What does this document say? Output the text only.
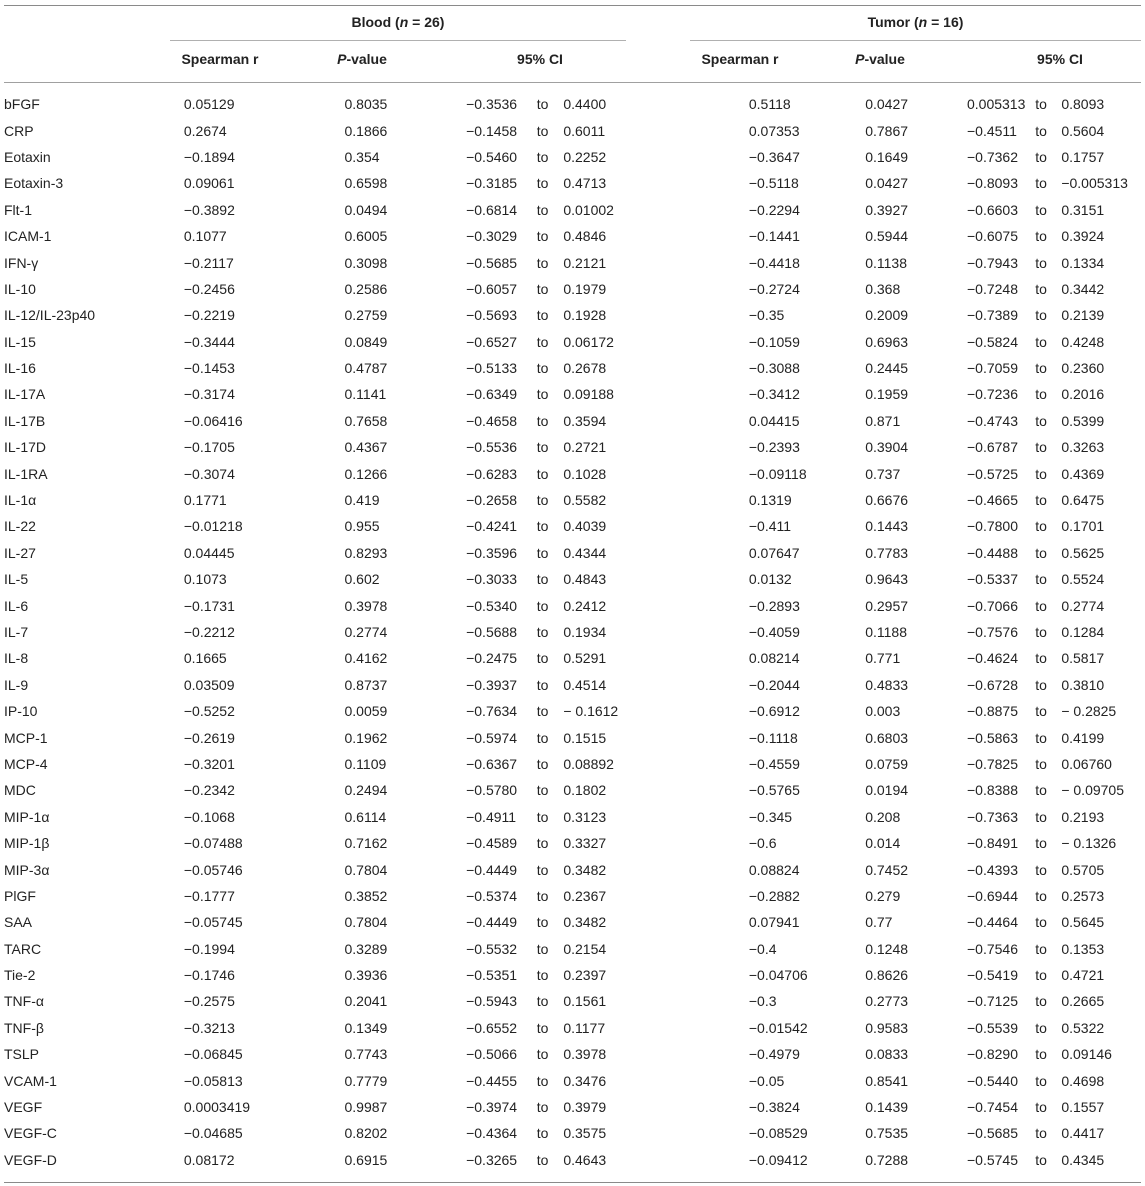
Blood (n = 26)	Tumor (n = 16)
Spearman r	P-value	95% CI	Spearman r	P-value	95% CI
bFGF	0.05129	0.8035	−0.3536	to	0.4400	0.5118	0.0427	0.005313	to	0.8093
CRP	0.2674	0.1866	−0.1458	to	0.6011	0.07353	0.7867	−0.4511	to	0.5604
Eotaxin	−0.1894	0.354	−0.5460	to	0.2252	−0.3647	0.1649	−0.7362	to	0.1757
Eotaxin-3	0.09061	0.6598	−0.3185	to	0.4713	−0.5118	0.0427	−0.8093	to	−0.005313
Flt-1	−0.3892	0.0494	−0.6814	to	0.01002	−0.2294	0.3927	−0.6603	to	0.3151
ICAM-1	0.1077	0.6005	−0.3029	to	0.4846	−0.1441	0.5944	−0.6075	to	0.3924
IFN-γ	−0.2117	0.3098	−0.5685	to	0.2121	−0.4418	0.1138	−0.7943	to	0.1334
IL-10	−0.2456	0.2586	−0.6057	to	0.1979	−0.2724	0.368	−0.7248	to	0.3442
IL-12/IL-23p40	−0.2219	0.2759	−0.5693	to	0.1928	−0.35	0.2009	−0.7389	to	0.2139
IL-15	−0.3444	0.0849	−0.6527	to	0.06172	−0.1059	0.6963	−0.5824	to	0.4248
IL-16	−0.1453	0.4787	−0.5133	to	0.2678	−0.3088	0.2445	−0.7059	to	0.2360
IL-17A	−0.3174	0.1141	−0.6349	to	0.09188	−0.3412	0.1959	−0.7236	to	0.2016
IL-17B	−0.06416	0.7658	−0.4658	to	0.3594	0.04415	0.871	−0.4743	to	0.5399
IL-17D	−0.1705	0.4367	−0.5536	to	0.2721	−0.2393	0.3904	−0.6787	to	0.3263
IL-1RA	−0.3074	0.1266	−0.6283	to	0.1028	−0.09118	0.737	−0.5725	to	0.4369
IL-1α	0.1771	0.419	−0.2658	to	0.5582	0.1319	0.6676	−0.4665	to	0.6475
IL-22	−0.01218	0.955	−0.4241	to	0.4039	−0.411	0.1443	−0.7800	to	0.1701
IL-27	0.04445	0.8293	−0.3596	to	0.4344	0.07647	0.7783	−0.4488	to	0.5625
IL-5	0.1073	0.602	−0.3033	to	0.4843	0.0132	0.9643	−0.5337	to	0.5524
IL-6	−0.1731	0.3978	−0.5340	to	0.2412	−0.2893	0.2957	−0.7066	to	0.2774
IL-7	−0.2212	0.2774	−0.5688	to	0.1934	−0.4059	0.1188	−0.7576	to	0.1284
IL-8	0.1665	0.4162	−0.2475	to	0.5291	0.08214	0.771	−0.4624	to	0.5817
IL-9	0.03509	0.8737	−0.3937	to	0.4514	−0.2044	0.4833	−0.6728	to	0.3810
IP-10	−0.5252	0.0059	−0.7634	to	− 0.1612	−0.6912	0.003	−0.8875	to	− 0.2825
MCP-1	−0.2619	0.1962	−0.5974	to	0.1515	−0.1118	0.6803	−0.5863	to	0.4199
MCP-4	−0.3201	0.1109	−0.6367	to	0.08892	−0.4559	0.0759	−0.7825	to	0.06760
MDC	−0.2342	0.2494	−0.5780	to	0.1802	−0.5765	0.0194	−0.8388	to	− 0.09705
MIP-1α	−0.1068	0.6114	−0.4911	to	0.3123	−0.345	0.208	−0.7363	to	0.2193
MIP-1β	−0.07488	0.7162	−0.4589	to	0.3327	−0.6	0.014	−0.8491	to	− 0.1326
MIP-3α	−0.05746	0.7804	−0.4449	to	0.3482	0.08824	0.7452	−0.4393	to	0.5705
PlGF	−0.1777	0.3852	−0.5374	to	0.2367	−0.2882	0.279	−0.6944	to	0.2573
SAA	−0.05745	0.7804	−0.4449	to	0.3482	0.07941	0.77	−0.4464	to	0.5645
TARC	−0.1994	0.3289	−0.5532	to	0.2154	−0.4	0.1248	−0.7546	to	0.1353
Tie-2	−0.1746	0.3936	−0.5351	to	0.2397	−0.04706	0.8626	−0.5419	to	0.4721
TNF-α	−0.2575	0.2041	−0.5943	to	0.1561	−0.3	0.2773	−0.7125	to	0.2665
TNF-β	−0.3213	0.1349	−0.6552	to	0.1177	−0.01542	0.9583	−0.5539	to	0.5322
TSLP	−0.06845	0.7743	−0.5066	to	0.3978	−0.4979	0.0833	−0.8290	to	0.09146
VCAM-1	−0.05813	0.7779	−0.4455	to	0.3476	−0.05	0.8541	−0.5440	to	0.4698
VEGF	0.0003419	0.9987	−0.3974	to	0.3979	−0.3824	0.1439	−0.7454	to	0.1557
VEGF-C	−0.04685	0.8202	−0.4364	to	0.3575	−0.08529	0.7535	−0.5685	to	0.4417
VEGF-D	0.08172	0.6915	−0.3265	to	0.4643	−0.09412	0.7288	−0.5745	to	0.4345
